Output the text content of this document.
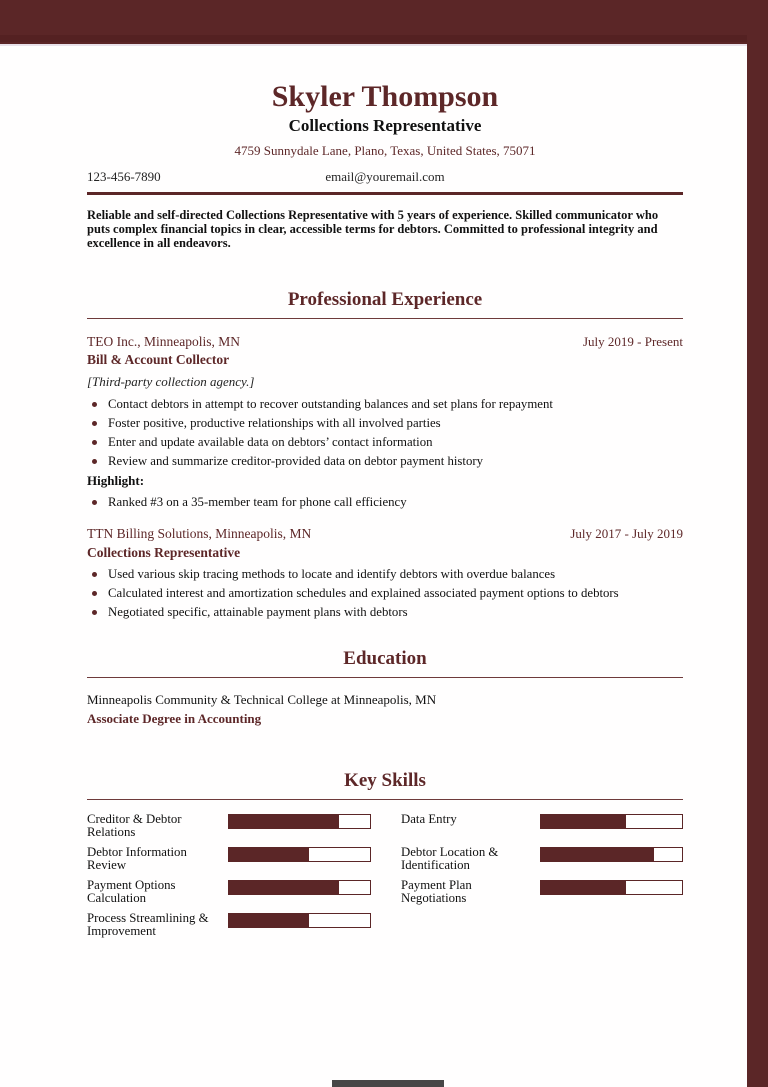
Skyler Thompson
Collections Representative
4759 Sunnydale Lane, Plano, Texas, United States, 75071
123-456-7890	email@youremail.com
Reliable and self-directed Collections Representative with 5 years of experience. Skilled communicator who puts complex financial topics in clear, accessible terms for debtors. Committed to professional integrity and excellence in all endeavors.
Professional Experience
TEO Inc., Minneapolis, MN	July 2019 - Present
Bill & Account Collector
[Third-party collection agency.]
Contact debtors in attempt to recover outstanding balances and set plans for repayment
Foster positive, productive relationships with all involved parties
Enter and update available data on debtors’ contact information
Review and summarize creditor-provided data on debtor payment history
Highlight:
Ranked #3 on a 35-member team for phone call efficiency
TTN Billing Solutions, Minneapolis, MN	July 2017 - July 2019
Collections Representative
Used various skip tracing methods to locate and identify debtors with overdue balances
Calculated interest and amortization schedules and explained associated payment options to debtors
Negotiated specific, attainable payment plans with debtors
Education
Minneapolis Community & Technical College at Minneapolis, MN
Associate Degree in Accounting
Key Skills
Creditor & Debtor Relations
Data Entry
Debtor Information Review
Debtor Location & Identification
Payment Options Calculation
Payment Plan Negotiations
Process Streamlining & Improvement
